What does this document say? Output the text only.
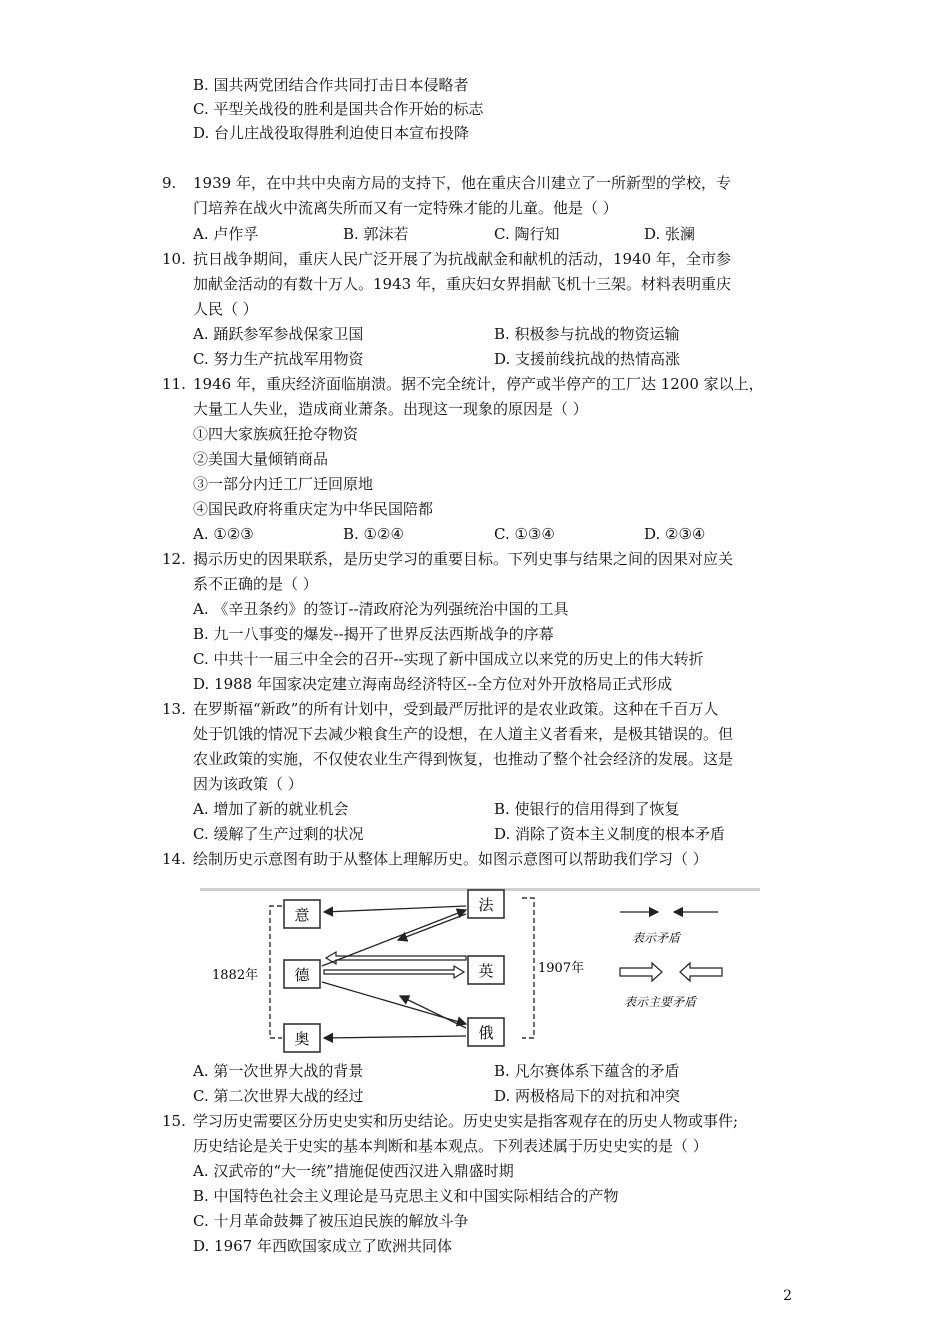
B. 国共两党团结合作共同打击日本侵略者
C. 平型关战役的胜利是国共合作开始的标志
D. 台儿庄战役取得胜利迫使日本宣布投降
9. 1939 年，在中共中央南方局的支持下，他在重庆合川建立了一所新型的学校，专
门培养在战火中流离失所而又有一定特殊才能的儿童。他是（ ）
A. 卢作孚	B. 郭沫若	C. 陶行知	D. 张澜
10. 抗日战争期间，重庆人民广泛开展了为抗战献金和献机的活动，1940 年，全市参
加献金活动的有数十万人。1943 年，重庆妇女界捐献飞机十三架。材料表明重庆
人民（ ）
A. 踊跃参军参战保家卫国	B. 积极参与抗战的物资运输
C. 努力生产抗战军用物资	D. 支援前线抗战的热情高涨
11. 1946 年，重庆经济面临崩溃。据不完全统计，停产或半停产的工厂达 1200 家以上，
大量工人失业，造成商业萧条。出现这一现象的原因是（ ）
①四大家族疯狂抢夺物资
②美国大量倾销商品
③一部分内迁工厂迁回原地
④国民政府将重庆定为中华民国陪都
A. ①②③	B. ①②④	C. ①③④	D. ②③④
12. 揭示历史的因果联系，是历史学习的重要目标。下列史事与结果之间的因果对应关
系不正确的是（ ）
A. 《辛丑条约》的签订--清政府沦为列强统治中国的工具
B. 九一八事变的爆发--揭开了世界反法西斯战争的序幕
C. 中共十一届三中全会的召开--实现了新中国成立以来党的历史上的伟大转折
D. 1988 年国家决定建立海南岛经济特区--全方位对外开放格局正式形成
13. 在罗斯福“新政”的所有计划中，受到最严厉批评的是农业政策。这种在千百万人
处于饥饿的情况下去减少粮食生产的设想，在人道主义者看来，是极其错误的。但
农业政策的实施，不仅使农业生产得到恢复，也推动了整个社会经济的发展。这是
因为该政策（ ）
A. 增加了新的就业机会	B. 使银行的信用得到了恢复
C. 缓解了生产过剩的状况	D. 消除了资本主义制度的根本矛盾
14. 绘制历史示意图有助于从整体上理解历史。如图示意图可以帮助我们学习（ ）
意
德
奥
法
英
俄
1882年	1907年
表示矛盾
表示主要矛盾
A. 第一次世界大战的背景	B. 凡尔赛体系下蕴含的矛盾
C. 第二次世界大战的经过	D. 两极格局下的对抗和冲突
15. 学习历史需要区分历史史实和历史结论。历史史实是指客观存在的历史人物或事件;
历史结论是关于史实的基本判断和基本观点。下列表述属于历史史实的是（ ）
A. 汉武帝的“大一统”措施促使西汉进入鼎盛时期
B. 中国特色社会主义理论是马克思主义和中国实际相结合的产物
C. 十月革命鼓舞了被压迫民族的解放斗争
D. 1967 年西欧国家成立了欧洲共同体
2
